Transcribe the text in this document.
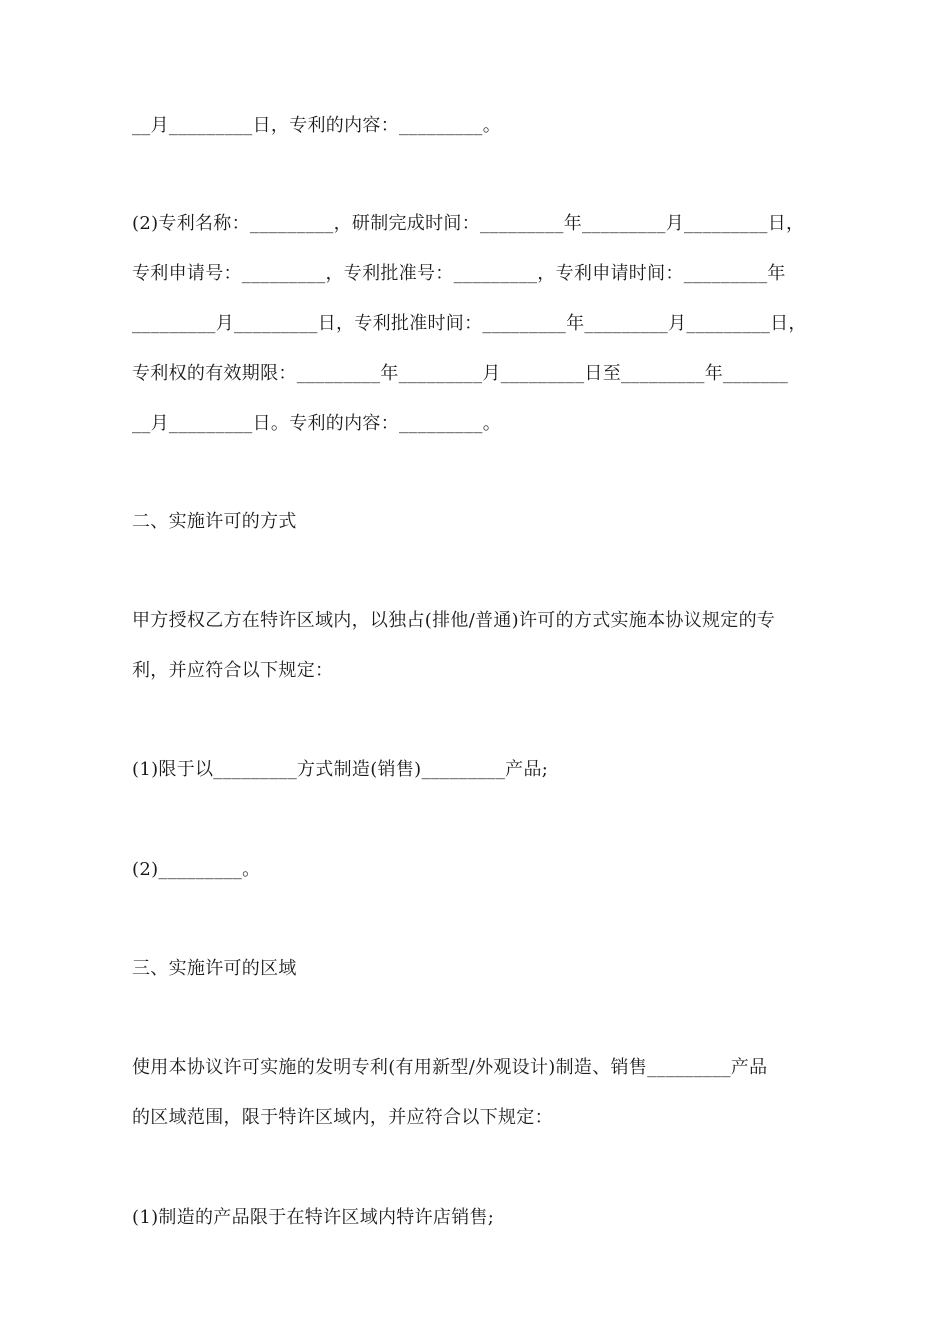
__月_________日，专利的内容：_________。
(2)专利名称：_________，研制完成时间：_________年_________月_________日，
专利申请号：_________，专利批准号：_________，专利申请时间：_________年
_________月_________日，专利批准时间：_________年_________月_________日，
专利权的有效期限：_________年_________月_________日至_________年_______
__月_________日。专利的内容：_________。
二、实施许可的方式
甲方授权乙方在特许区域内，以独占(排他/普通)许可的方式实施本协议规定的专
利，并应符合以下规定：
(1)限于以_________方式制造(销售)_________产品;
(2)_________。
三、实施许可的区域
使用本协议许可实施的发明专利(有用新型/外观设计)制造、销售_________产品
的区域范围，限于特许区域内，并应符合以下规定：
(1)制造的产品限于在特许区域内特许店销售;
